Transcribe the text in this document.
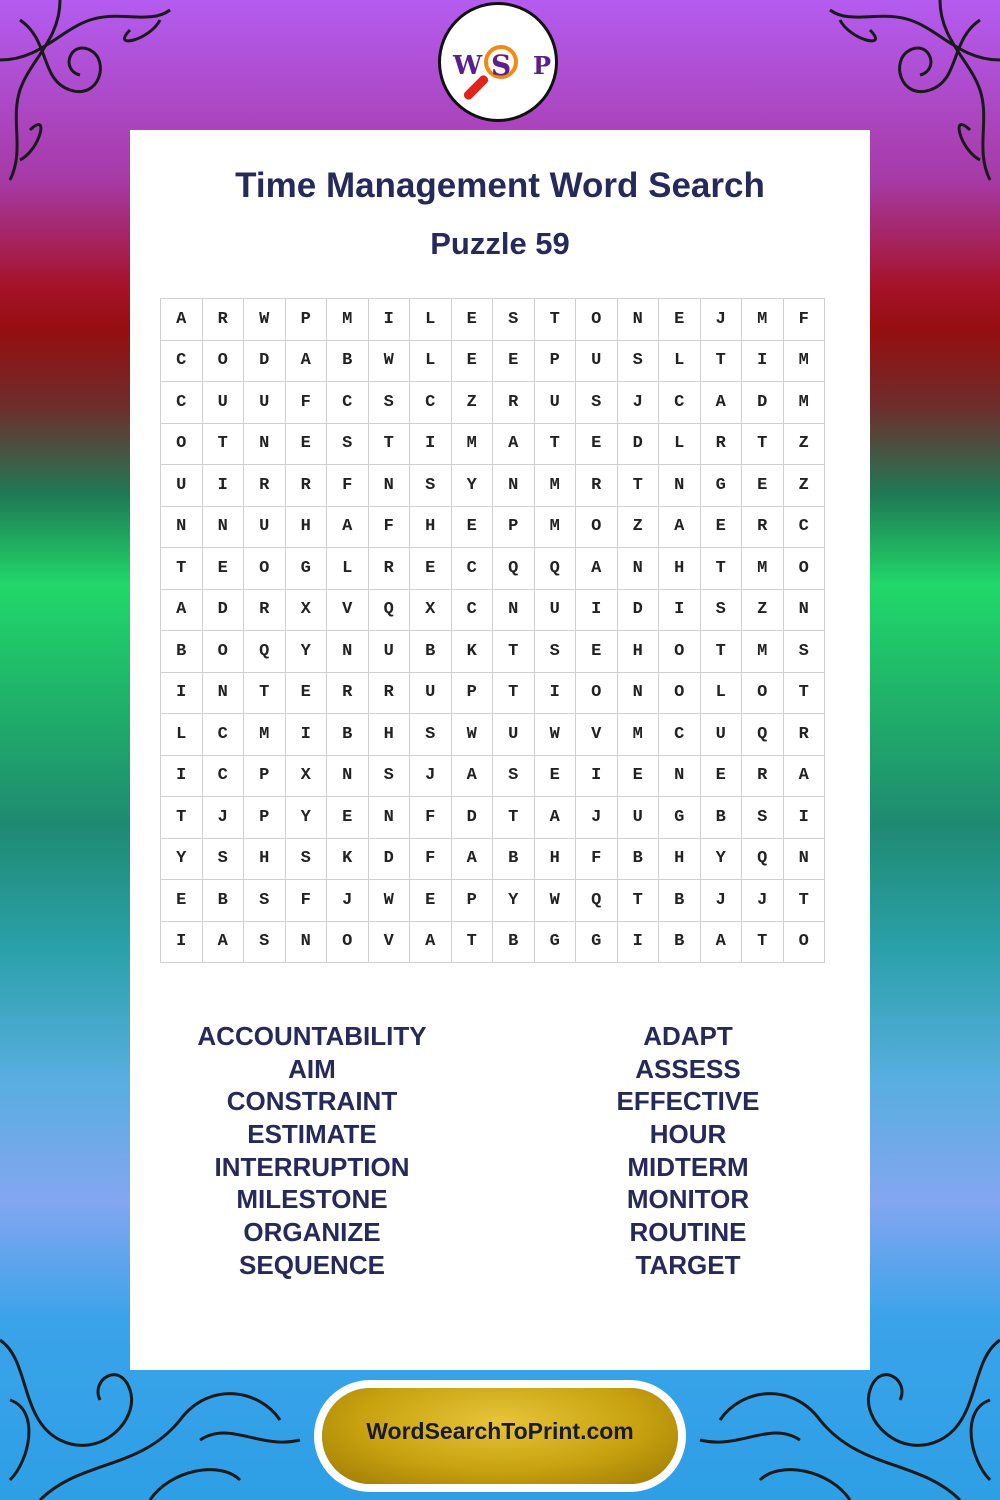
W S P
Time Management Word Search
Puzzle 59
A	R	W	P	M	I	L	E	S	T	O	N	E	J	M	F
C	O	D	A	B	W	L	E	E	P	U	S	L	T	I	M
C	U	U	F	C	S	C	Z	R	U	S	J	C	A	D	M
O	T	N	E	S	T	I	M	A	T	E	D	L	R	T	Z
U	I	R	R	F	N	S	Y	N	M	R	T	N	G	E	Z
N	N	U	H	A	F	H	E	P	M	O	Z	A	E	R	C
T	E	O	G	L	R	E	C	Q	Q	A	N	H	T	M	O
A	D	R	X	V	Q	X	C	N	U	I	D	I	S	Z	N
B	O	Q	Y	N	U	B	K	T	S	E	H	O	T	M	S
I	N	T	E	R	R	U	P	T	I	O	N	O	L	O	T
L	C	M	I	B	H	S	W	U	W	V	M	C	U	Q	R
I	C	P	X	N	S	J	A	S	E	I	E	N	E	R	A
T	J	P	Y	E	N	F	D	T	A	J	U	G	B	S	I
Y	S	H	S	K	D	F	A	B	H	F	B	H	Y	Q	N
E	B	S	F	J	W	E	P	Y	W	Q	T	B	J	J	T
I	A	S	N	O	V	A	T	B	G	G	I	B	A	T	O
ACCOUNTABILITY
AIM
CONSTRAINT
ESTIMATE
INTERRUPTION
MILESTONE
ORGANIZE
SEQUENCE
ADAPT
ASSESS
EFFECTIVE
HOUR
MIDTERM
MONITOR
ROUTINE
TARGET
WordSearchToPrint.com
